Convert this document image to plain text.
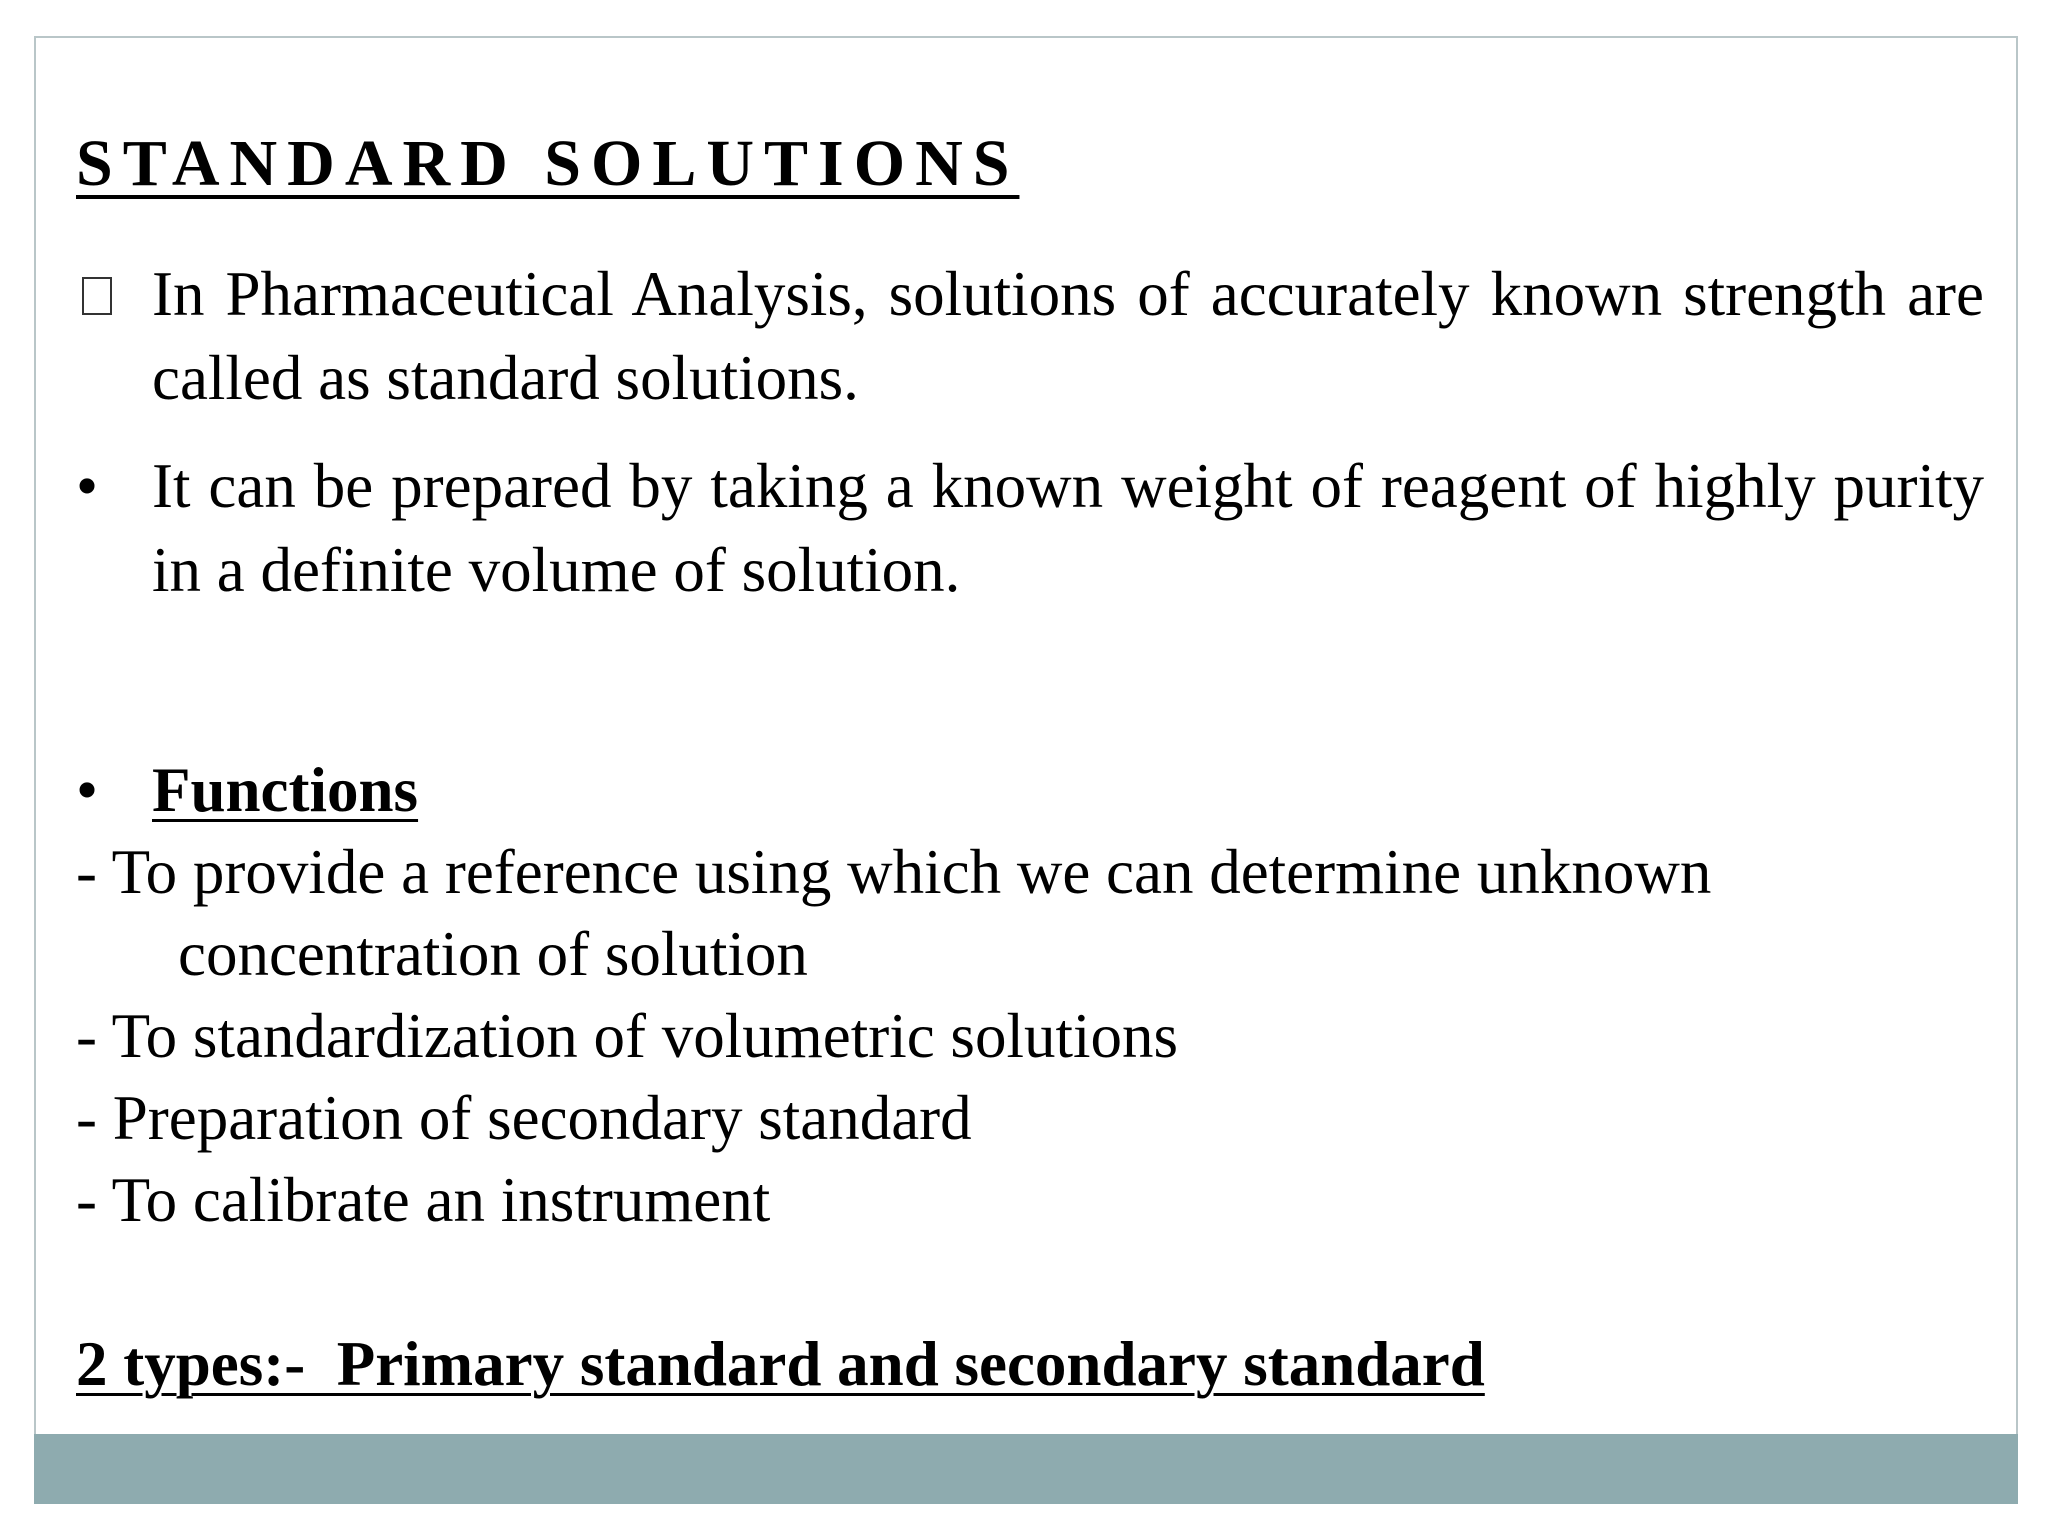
STANDARD SOLUTIONS
In Pharmaceutical Analysis, solutions of accurately known strength are called as standard solutions.
• It can be prepared by taking a known weight of reagent of highly purity in a definite volume of solution.
• Functions
- To provide a reference using which we can determine unknown
concentration of solution
- To standardization of volumetric solutions
- Preparation of secondary standard
- To calibrate an instrument
2 types:-  Primary standard and secondary standard
